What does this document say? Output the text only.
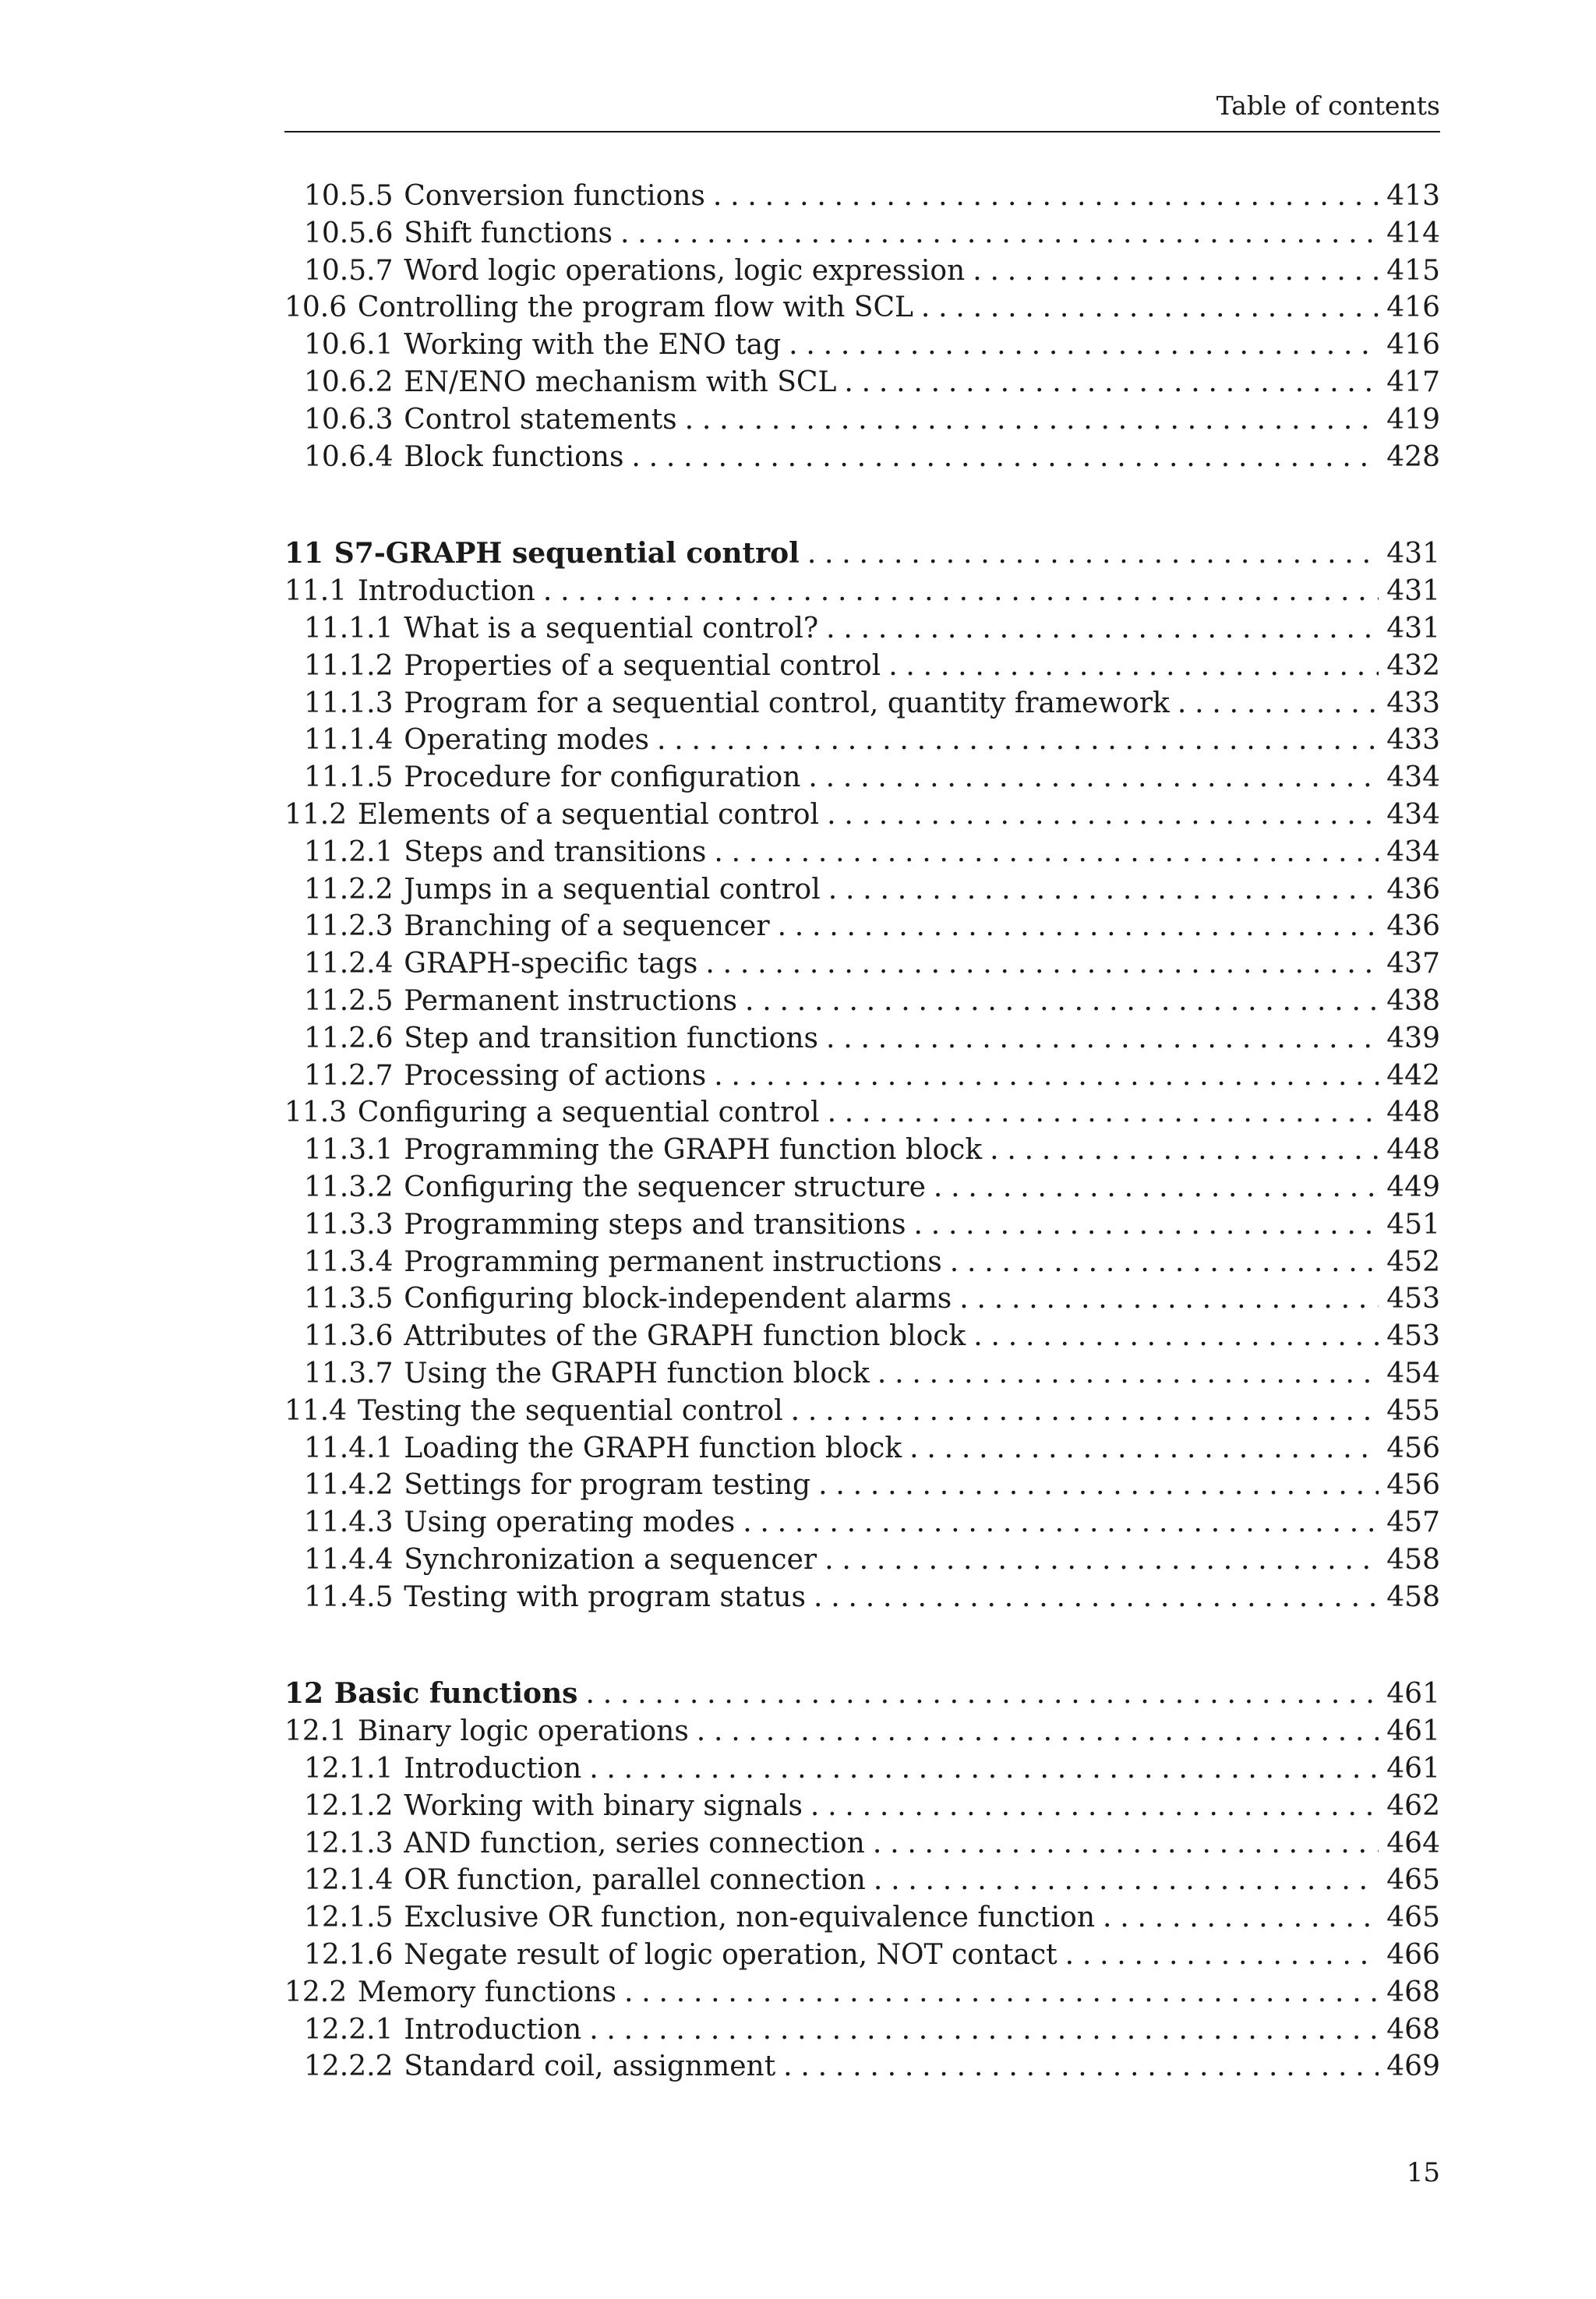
Table of contents
10.5.5 Conversion functions .....	413
10.5.6 Shift functions .....	414
10.5.7 Word logic operations, logic expression .....	415
10.6 Controlling the program flow with SCL .....	416
10.6.1 Working with the ENO tag .....	416
10.6.2 EN/ENO mechanism with SCL .....	417
10.6.3 Control statements .....	419
10.6.4 Block functions .....	428
11 S7-GRAPH sequential control .....	431
11.1 Introduction .....	431
11.1.1 What is a sequential control? .....	431
11.1.2 Properties of a sequential control .....	432
11.1.3 Program for a sequential control, quantity framework .....	433
11.1.4 Operating modes .....	433
11.1.5 Procedure for configuration .....	434
11.2 Elements of a sequential control .....	434
11.2.1 Steps and transitions .....	434
11.2.2 Jumps in a sequential control .....	436
11.2.3 Branching of a sequencer .....	436
11.2.4 GRAPH-specific tags .....	437
11.2.5 Permanent instructions .....	438
11.2.6 Step and transition functions .....	439
11.2.7 Processing of actions .....	442
11.3 Configuring a sequential control .....	448
11.3.1 Programming the GRAPH function block .....	448
11.3.2 Configuring the sequencer structure .....	449
11.3.3 Programming steps and transitions .....	451
11.3.4 Programming permanent instructions .....	452
11.3.5 Configuring block-independent alarms .....	453
11.3.6 Attributes of the GRAPH function block .....	453
11.3.7 Using the GRAPH function block .....	454
11.4 Testing the sequential control .....	455
11.4.1 Loading the GRAPH function block .....	456
11.4.2 Settings for program testing .....	456
11.4.3 Using operating modes .....	457
11.4.4 Synchronization a sequencer .....	458
11.4.5 Testing with program status .....	458
12 Basic functions .....	461
12.1 Binary logic operations .....	461
12.1.1 Introduction .....	461
12.1.2 Working with binary signals .....	462
12.1.3 AND function, series connection .....	464
12.1.4 OR function, parallel connection .....	465
12.1.5 Exclusive OR function, non-equivalence function .....	465
12.1.6 Negate result of logic operation, NOT contact .....	466
12.2 Memory functions .....	468
12.2.1 Introduction .....	468
12.2.2 Standard coil, assignment .....	469
15
